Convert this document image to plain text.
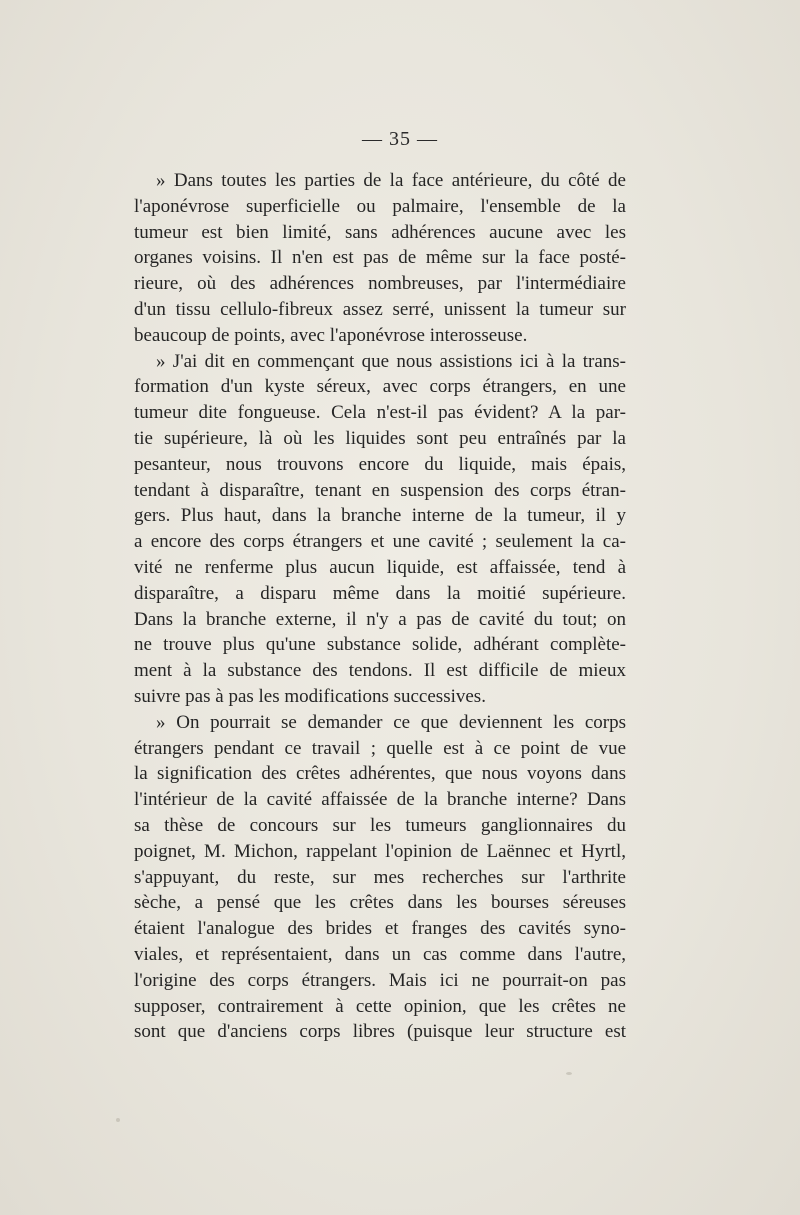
— 35 —
» Dans toutes les parties de la face antérieure, du côté de
l'aponévrose superficielle ou palmaire, l'ensemble de la
tumeur est bien limité, sans adhérences aucune avec les
organes voisins. Il n'en est pas de même sur la face posté-
rieure, où des adhérences nombreuses, par l'intermédiaire
d'un tissu cellulo-fibreux assez serré, unissent la tumeur sur
beaucoup de points, avec l'aponévrose interosseuse.
» J'ai dit en commençant que nous assistions ici à la trans-
formation d'un kyste séreux, avec corps étrangers, en une
tumeur dite fongueuse. Cela n'est-il pas évident? A la par-
tie supérieure, là où les liquides sont peu entraînés par la
pesanteur, nous trouvons encore du liquide, mais épais,
tendant à disparaître, tenant en suspension des corps étran-
gers. Plus haut, dans la branche interne de la tumeur, il y
a encore des corps étrangers et une cavité ; seulement la ca-
vité ne renferme plus aucun liquide, est affaissée, tend à
disparaître, a disparu même dans la moitié supérieure.
Dans la branche externe, il n'y a pas de cavité du tout; on
ne trouve plus qu'une substance solide, adhérant complète-
ment à la substance des tendons. Il est difficile de mieux
suivre pas à pas les modifications successives.
» On pourrait se demander ce que deviennent les corps
étrangers pendant ce travail ; quelle est à ce point de vue
la signification des crêtes adhérentes, que nous voyons dans
l'intérieur de la cavité affaissée de la branche interne? Dans
sa thèse de concours sur les tumeurs ganglionnaires du
poignet, M. Michon, rappelant l'opinion de Laënnec et Hyrtl,
s'appuyant, du reste, sur mes recherches sur l'arthrite
sèche, a pensé que les crêtes dans les bourses séreuses
étaient l'analogue des brides et franges des cavités syno-
viales, et représentaient, dans un cas comme dans l'autre,
l'origine des corps étrangers. Mais ici ne pourrait-on pas
supposer, contrairement à cette opinion, que les crêtes ne
sont que d'anciens corps libres (puisque leur structure est
